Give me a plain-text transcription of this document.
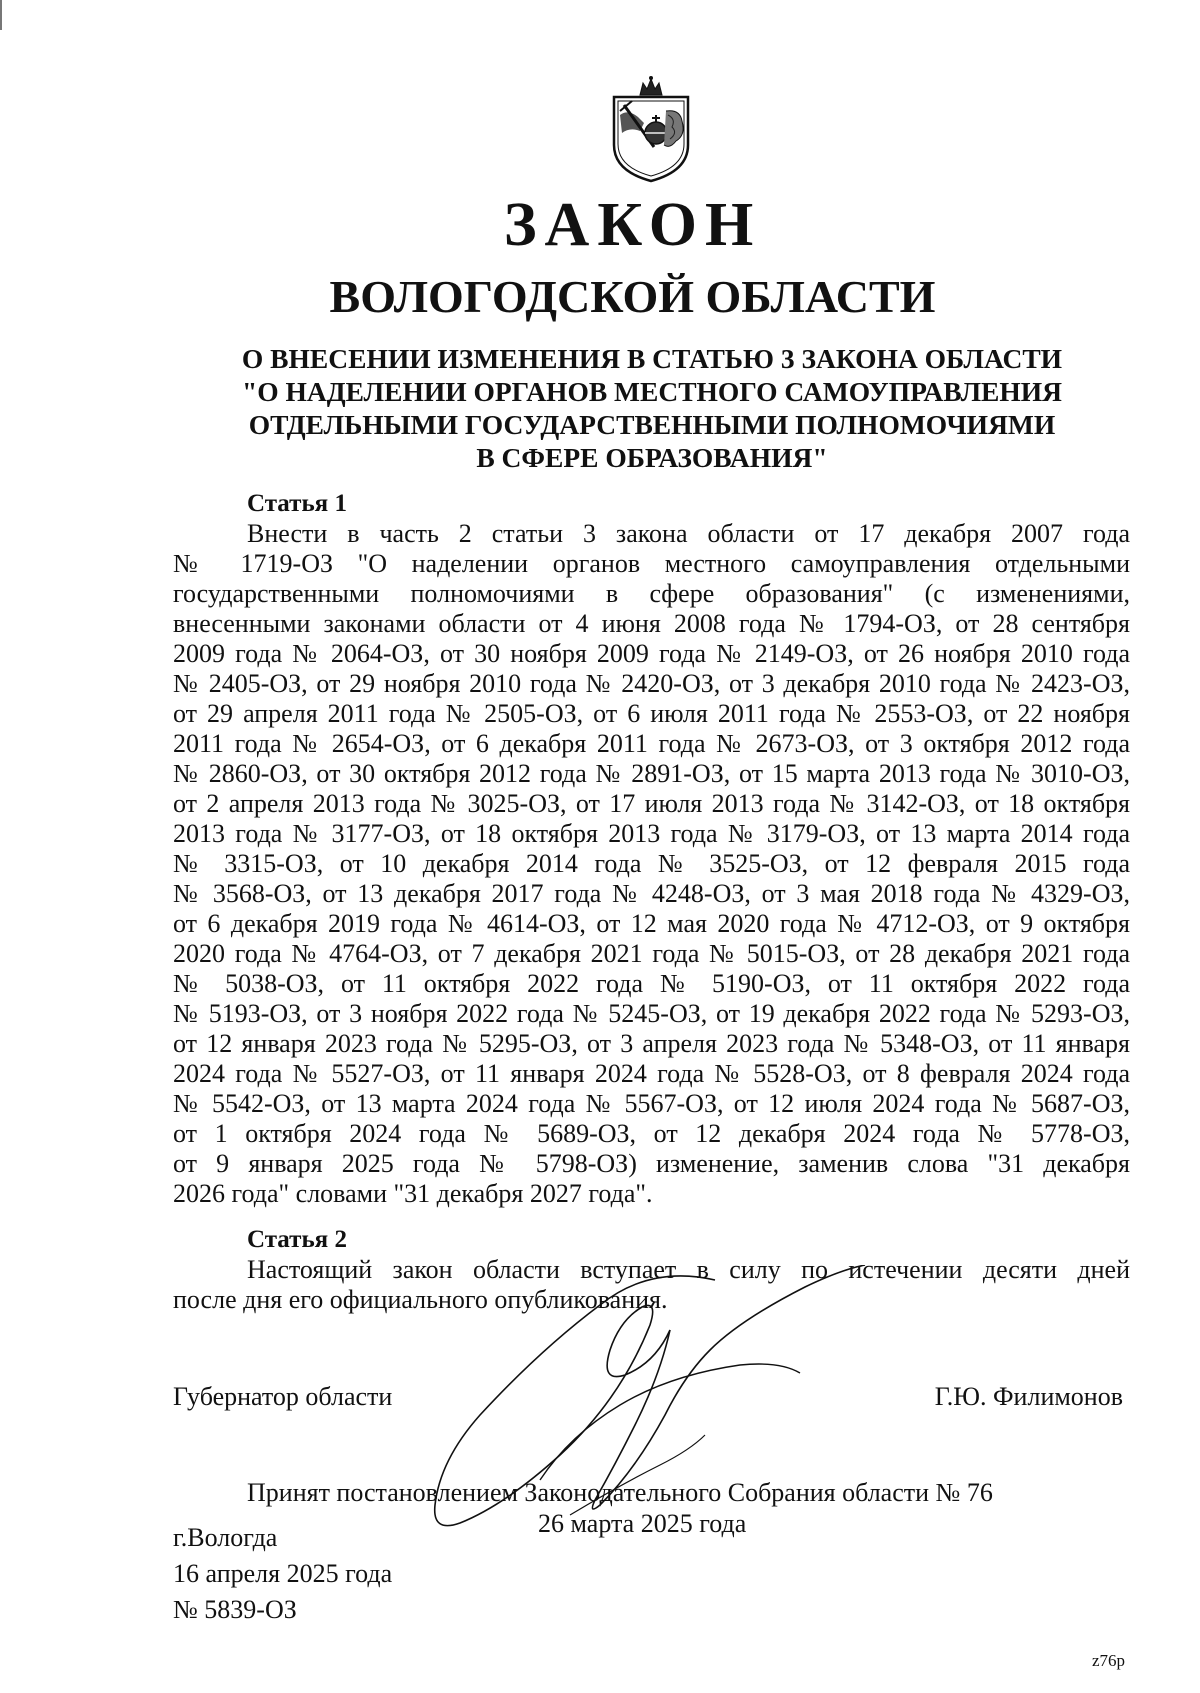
ЗАКОН
ВОЛОГОДСКОЙ ОБЛАСТИ
О ВНЕСЕНИИ ИЗМЕНЕНИЯ В СТАТЬЮ 3 ЗАКОНА ОБЛАСТИ
"О НАДЕЛЕНИИ ОРГАНОВ МЕСТНОГО САМОУПРАВЛЕНИЯ
ОТДЕЛЬНЫМИ ГОСУДАРСТВЕННЫМИ ПОЛНОМОЧИЯМИ
В СФЕРЕ ОБРАЗОВАНИЯ"
Статья 1
Внести в часть 2 статьи 3 закона области от 17 декабря 2007 года
№ 1719-ОЗ "О наделении органов местного самоуправления отдельными
государственными полномочиями в сфере образования" (с изменениями,
внесенными законами области от 4 июня 2008 года № 1794-ОЗ, от 28 сентября
2009 года № 2064-ОЗ, от 30 ноября 2009 года № 2149-ОЗ, от 26 ноября 2010 года
№ 2405-ОЗ, от 29 ноября 2010 года № 2420-ОЗ, от 3 декабря 2010 года № 2423-ОЗ,
от 29 апреля 2011 года № 2505-ОЗ, от 6 июля 2011 года № 2553-ОЗ, от 22 ноября
2011 года № 2654-ОЗ, от 6 декабря 2011 года № 2673-ОЗ, от 3 октября 2012 года
№ 2860-ОЗ, от 30 октября 2012 года № 2891-ОЗ, от 15 марта 2013 года № 3010-ОЗ,
от 2 апреля 2013 года № 3025-ОЗ, от 17 июля 2013 года № 3142-ОЗ, от 18 октября
2013 года № 3177-ОЗ, от 18 октября 2013 года № 3179-ОЗ, от 13 марта 2014 года
№ 3315-ОЗ, от 10 декабря 2014 года № 3525-ОЗ, от 12 февраля 2015 года
№ 3568-ОЗ, от 13 декабря 2017 года № 4248-ОЗ, от 3 мая 2018 года № 4329-ОЗ,
от 6 декабря 2019 года № 4614-ОЗ, от 12 мая 2020 года № 4712-ОЗ, от 9 октября
2020 года № 4764-ОЗ, от 7 декабря 2021 года № 5015-ОЗ, от 28 декабря 2021 года
№ 5038-ОЗ, от 11 октября 2022 года № 5190-ОЗ, от 11 октября 2022 года
№ 5193-ОЗ, от 3 ноября 2022 года № 5245-ОЗ, от 19 декабря 2022 года № 5293-ОЗ,
от 12 января 2023 года № 5295-ОЗ, от 3 апреля 2023 года № 5348-ОЗ, от 11 января
2024 года № 5527-ОЗ, от 11 января 2024 года № 5528-ОЗ, от 8 февраля 2024 года
№ 5542-ОЗ, от 13 марта 2024 года № 5567-ОЗ, от 12 июля 2024 года № 5687-ОЗ,
от 1 октября 2024 года № 5689-ОЗ, от 12 декабря 2024 года № 5778-ОЗ,
от 9 января 2025 года № 5798-ОЗ) изменение, заменив слова "31 декабря
2026 года" словами "31 декабря 2027 года".
Статья 2
Настоящий закон области вступает в силу по истечении десяти дней
после дня его официального опубликования.
Губернатор области	Г.Ю. Филимонов
Принят постановлением Законодательного Собрания области № 76
26 марта 2025 года
г.Вологда
16 апреля 2025 года
№ 5839-ОЗ
z76p
